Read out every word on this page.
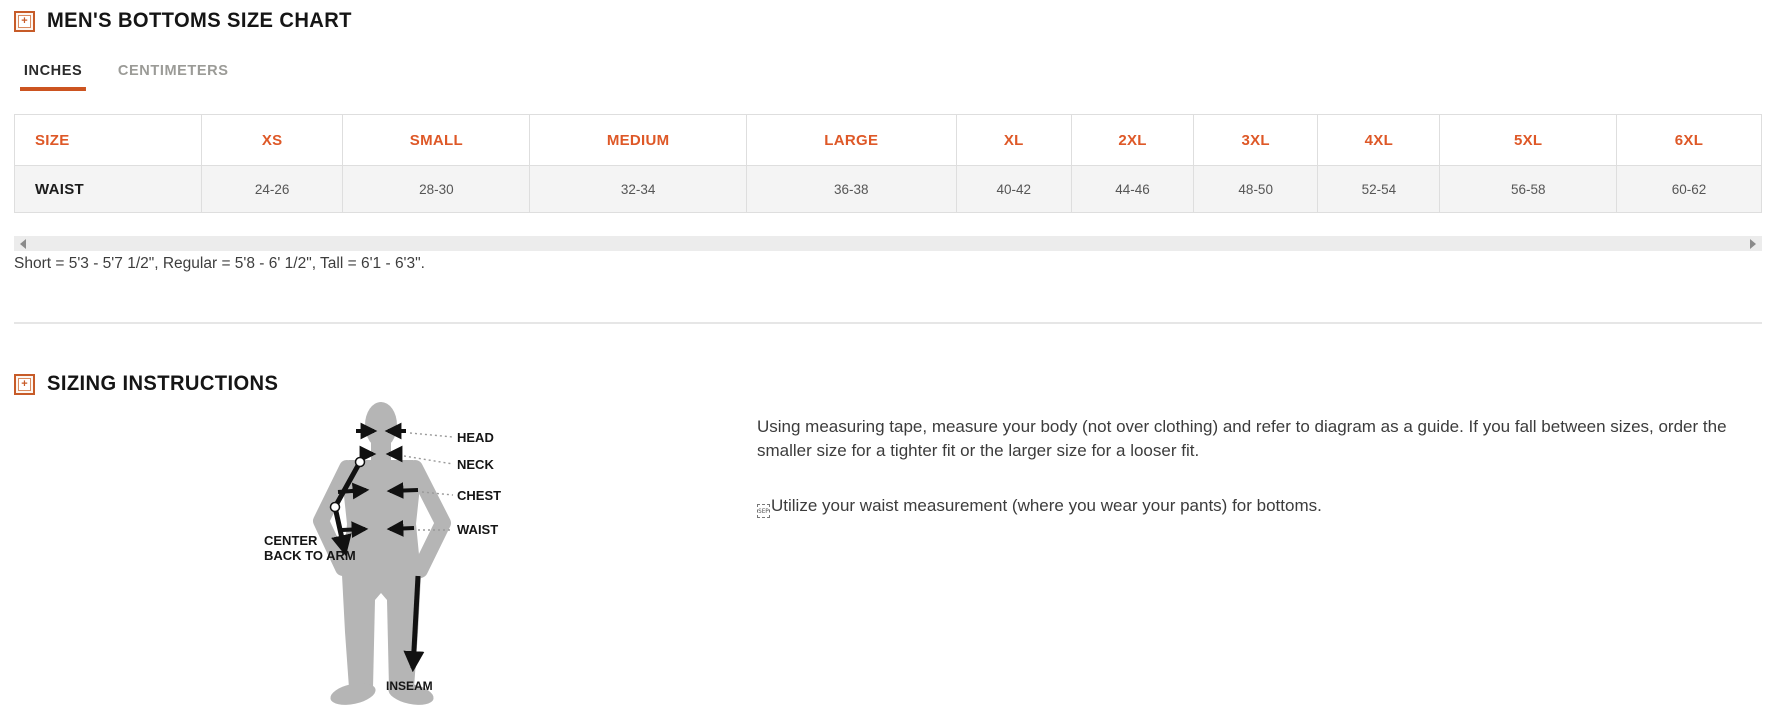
+ MEN'S BOTTOMS SIZE CHART
INCHES CENTIMETERS
SIZE	XS	SMALL	MEDIUM	LARGE	XL	2XL	3XL	4XL	5XL	6XL
WAIST	24-26	28-30	32-34	36-38	40-42	44-46	48-50	52-54	56-58	60-62
Short = 5'3 - 5'7 1/2", Regular = 5'8 - 6' 1/2", Tall = 6'1 - 6'3".
+ SIZING INSTRUCTIONS
HEAD
NECK
CHEST
WAIST
CENTER
BACK TO ARM
INSEAM

Using measuring tape, measure your body (not over clothing) and refer to diagram as a guide. If you fall between sizes, order the smaller size for a tighter fit or the larger size for a looser fit.

SEP Utilize your waist measurement (where you wear your pants) for bottoms.
